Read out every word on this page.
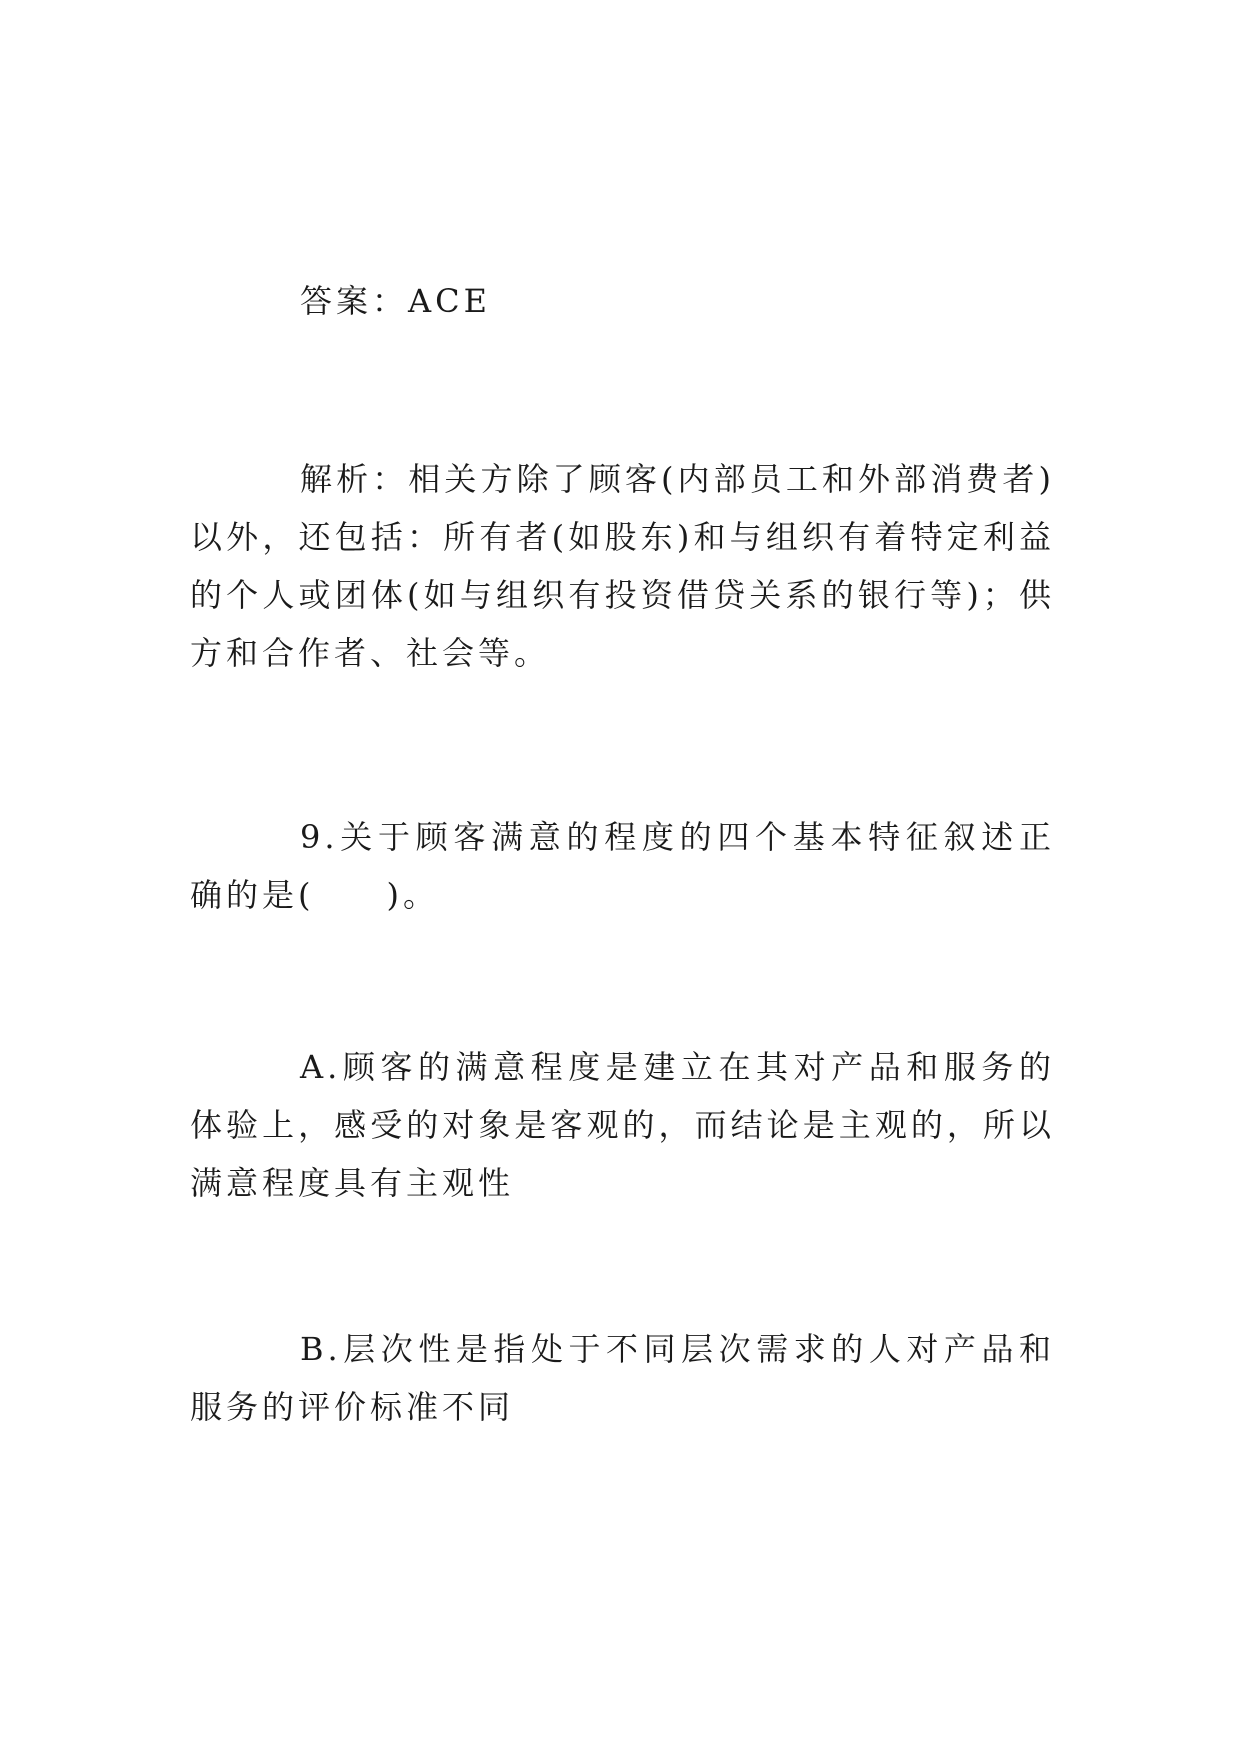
答案：ACE

解析：相关方除了顾客(内部员工和外部消费者)以外，还包括：所有者(如股东)和与组织有着特定利益的个人或团体(如与组织有投资借贷关系的银行等)；供方和合作者、社会等。

9.关于顾客满意的程度的四个基本特征叙述正确的是(　　)。

A.顾客的满意程度是建立在其对产品和服务的体验上，感受的对象是客观的，而结论是主观的，所以满意程度具有主观性

B.层次性是指处于不同层次需求的人对产品和服务的评价标准不同
